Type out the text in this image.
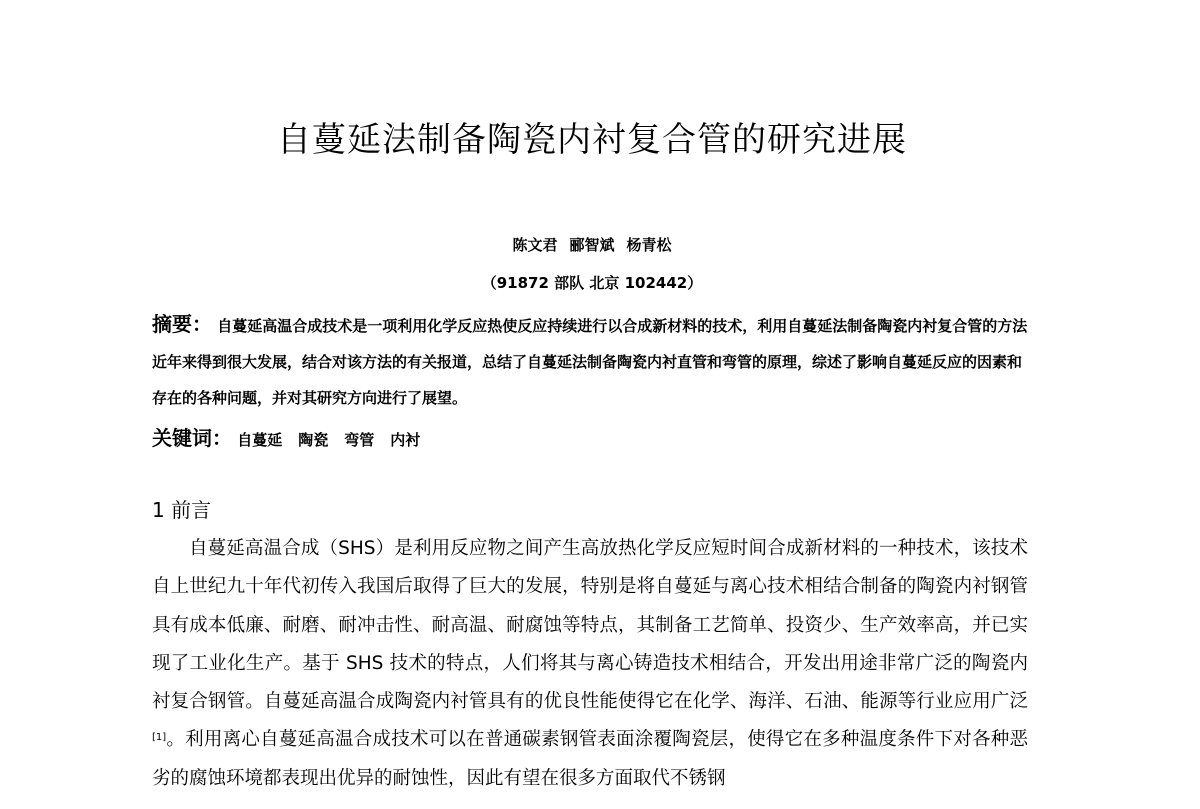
自蔓延法制备陶瓷内衬复合管的研究进展
陈文君 郦智斌 杨青松
（91872 部队 北京 102442）

摘要： 自蔓延高温合成技术是一项利用化学反应热使反应持续进行以合成新材料的技术，利用自蔓延法制备陶瓷内衬复合管的方法近年来得到很大发展，结合对该方法的有关报道，总结了自蔓延法制备陶瓷内衬直管和弯管的原理，综述了影响自蔓延反应的因素和存在的各种问题，并对其研究方向进行了展望。

关键词： 自蔓延 陶瓷 弯管 内衬

1 前言

自蔓延高温合成（SHS）是利用反应物之间产生高放热化学反应短时间合成新材料的一种技术，该技术自上世纪九十年代初传入我国后取得了巨大的发展，特别是将自蔓延与离心技术相结合制备的陶瓷内衬钢管具有成本低廉、耐磨、耐冲击性、耐高温、耐腐蚀等特点，其制备工艺简单、投资少、生产效率高，并已实现了工业化生产。基于 SHS 技术的特点，人们将其与离心铸造技术相结合，开发出用途非常广泛的陶瓷内衬复合钢管。自蔓延高温合成陶瓷内衬管具有的优良性能使得它在化学、海洋、石油、能源等行业应用广泛[1]。利用离心自蔓延高温合成技术可以在普通碳素钢管表面涂覆陶瓷层，使得它在多种温度条件下对各种恶劣的腐蚀环境都表现出优异的耐蚀性，因此有望在很多方面取代不锈钢
